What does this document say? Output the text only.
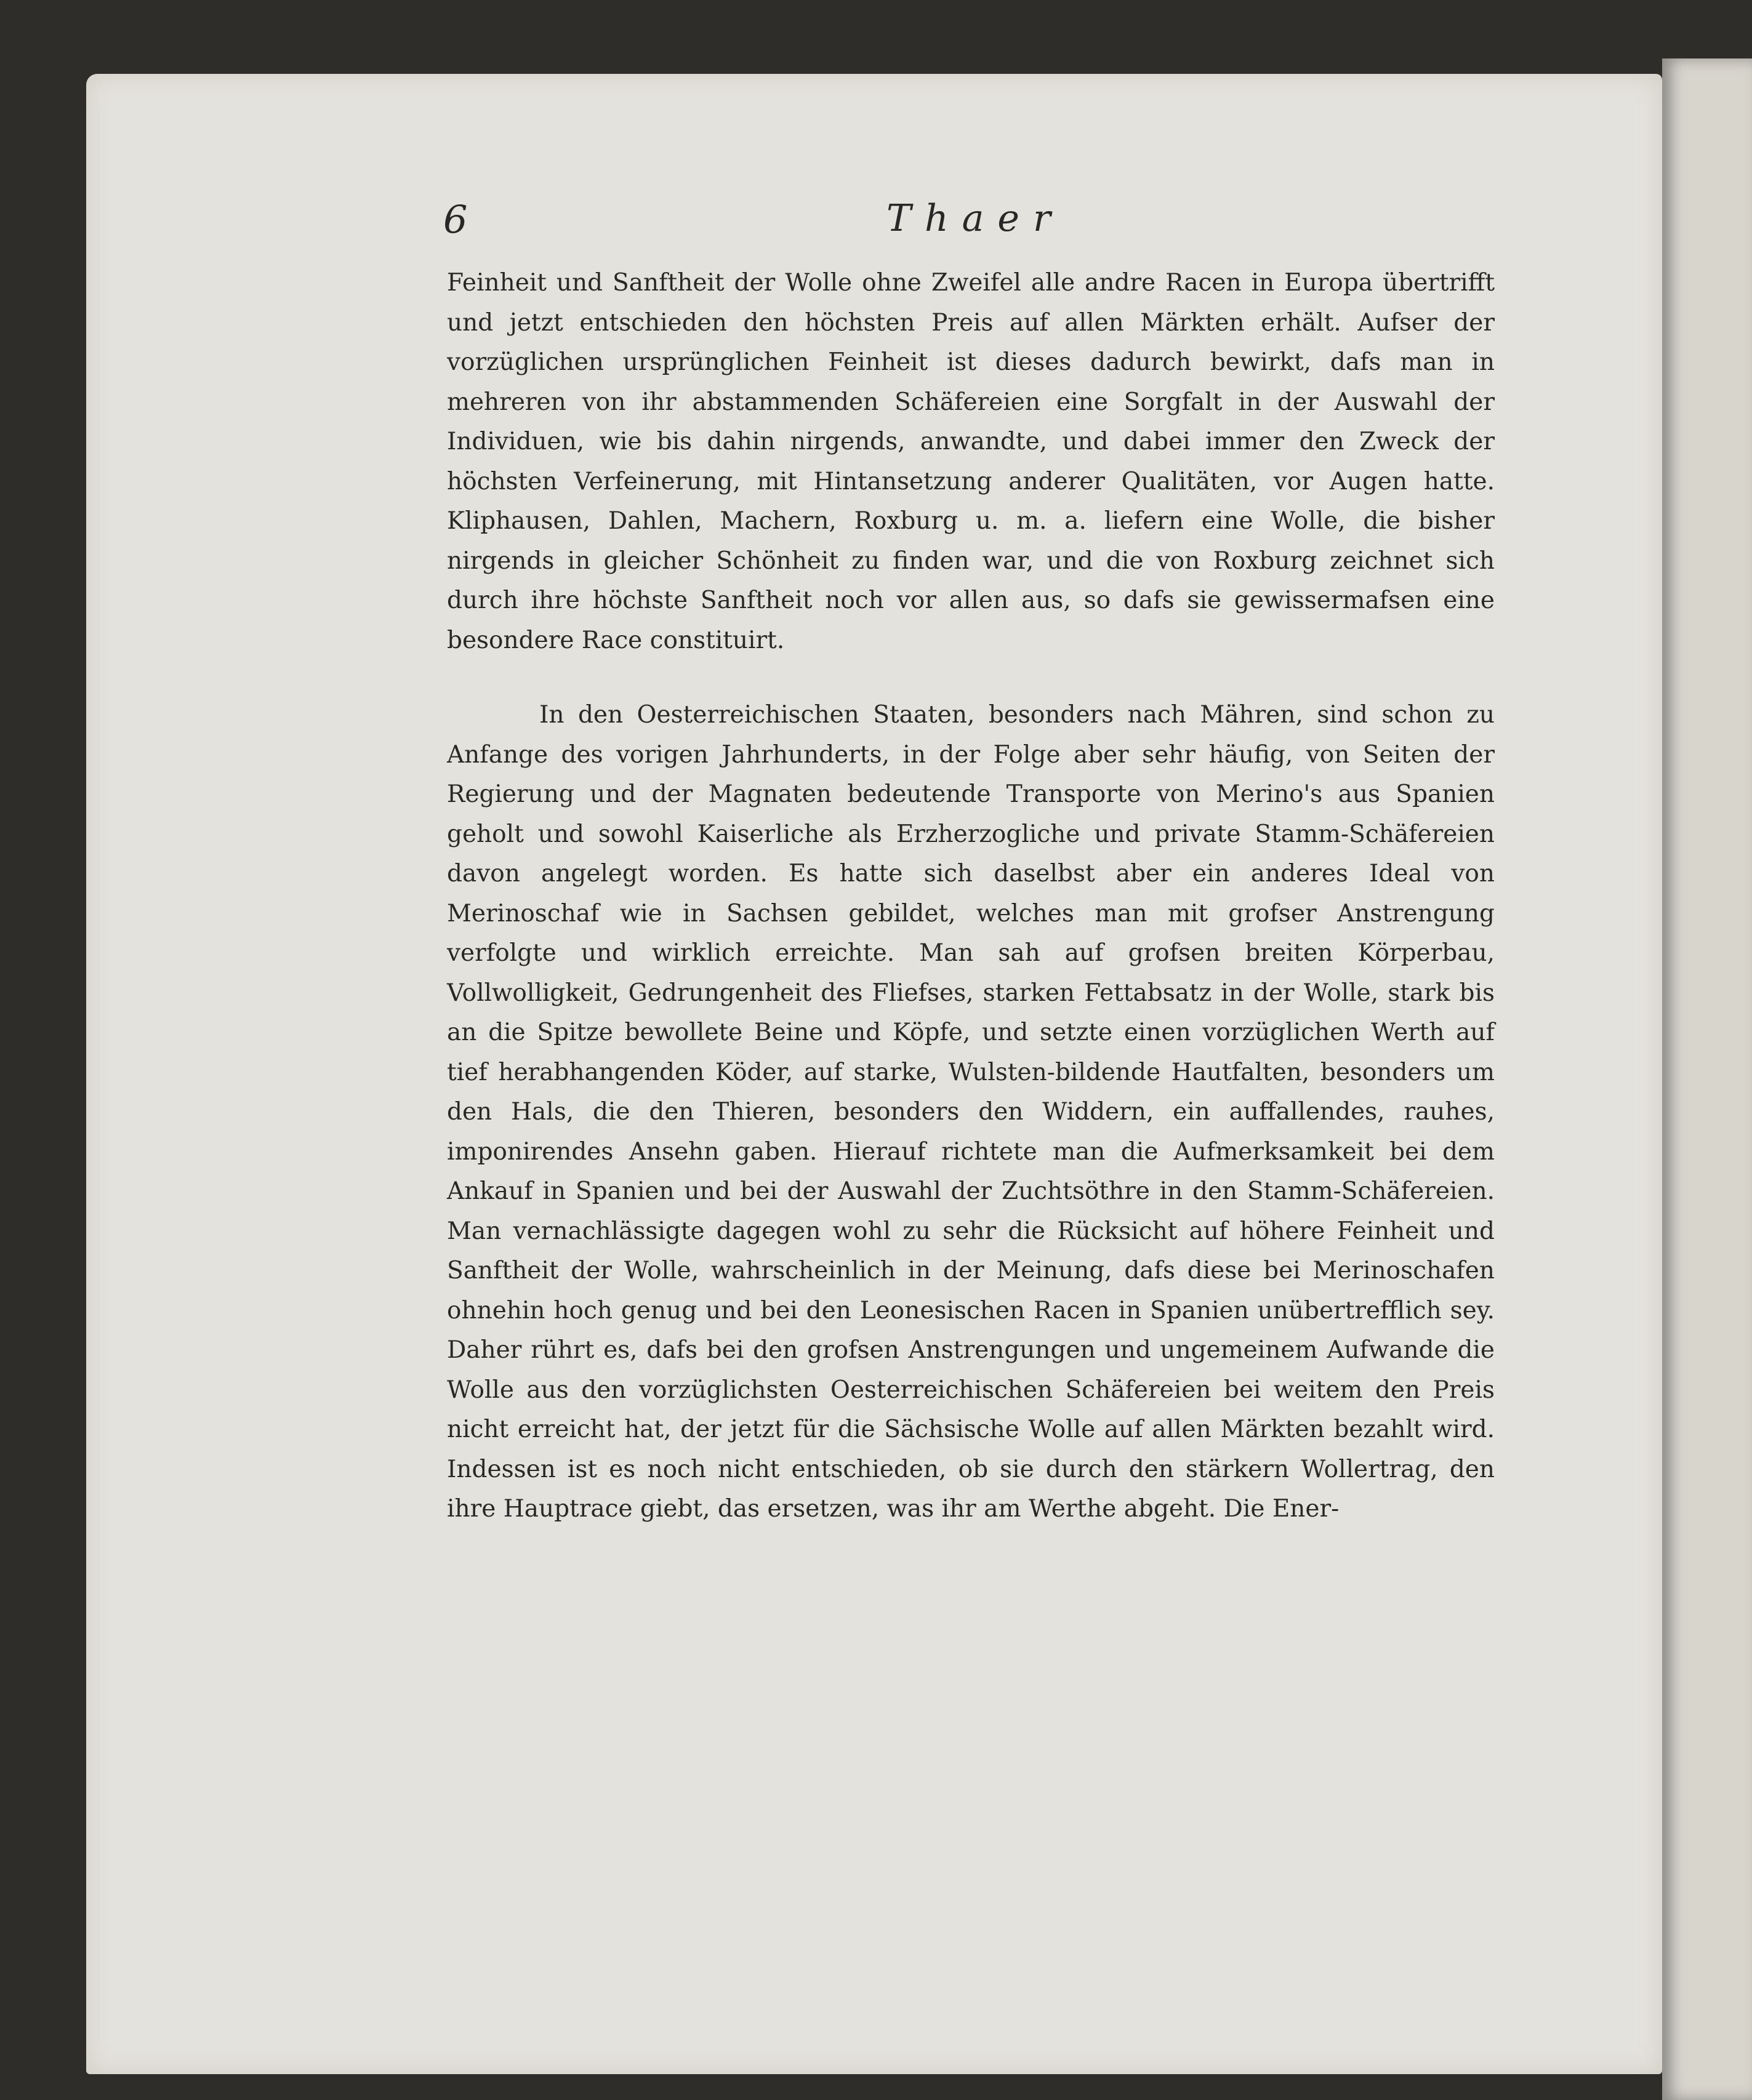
6	Thaer

Feinheit und Sanftheit der Wolle ohne Zweifel alle andre Racen in Europa übertrifft und jetzt entschieden den höchsten Preis auf allen Märkten erhält. Aufser der vorzüglichen ursprünglichen Feinheit ist dieses dadurch bewirkt, dafs man in mehreren von ihr abstammenden Schäfereien eine Sorgfalt in der Auswahl der Individuen, wie bis dahin nirgends, anwandte, und dabei immer den Zweck der höchsten Verfeinerung, mit Hintansetzung anderer Qualitäten, vor Augen hatte. Kliphausen, Dahlen, Machern, Roxburg u. m. a. liefern eine Wolle, die bisher nirgends in gleicher Schönheit zu finden war, und die von Roxburg zeichnet sich durch ihre höchste Sanftheit noch vor allen aus, so dafs sie gewissermafsen eine besondere Race constituirt.

In den Oesterreichischen Staaten, besonders nach Mähren, sind schon zu Anfange des vorigen Jahrhunderts, in der Folge aber sehr häufig, von Seiten der Regierung und der Magnaten bedeutende Transporte von Merino's aus Spanien geholt und sowohl Kaiserliche als Erzherzogliche und private Stamm-Schäfereien davon angelegt worden. Es hatte sich daselbst aber ein anderes Ideal von Merinoschaf wie in Sachsen gebildet, welches man mit grofser Anstrengung verfolgte und wirklich erreichte. Man sah auf grofsen breiten Körperbau, Vollwolligkeit, Gedrungenheit des Fliefses, starken Fettabsatz in der Wolle, stark bis an die Spitze bewollete Beine und Köpfe, und setzte einen vorzüglichen Werth auf tief herabhangenden Köder, auf starke, Wulsten-bildende Hautfalten, besonders um den Hals, die den Thieren, besonders den Widdern, ein auffallendes, rauhes, imponirendes Ansehn gaben. Hierauf richtete man die Aufmerksamkeit bei dem Ankauf in Spanien und bei der Auswahl der Zuchtsöthre in den Stamm-Schäfereien. Man vernachlässigte dagegen wohl zu sehr die Rücksicht auf höhere Feinheit und Sanftheit der Wolle, wahrscheinlich in der Meinung, dafs diese bei Merinoschafen ohnehin hoch genug und bei den Leonesischen Racen in Spanien unübertrefflich sey. Daher rührt es, dafs bei den grofsen Anstrengungen und ungemeinem Aufwande die Wolle aus den vorzüglichsten Oesterreichischen Schäfereien bei weitem den Preis nicht erreicht hat, der jetzt für die Sächsische Wolle auf allen Märkten bezahlt wird. Indessen ist es noch nicht entschieden, ob sie durch den stärkern Wollertrag, den ihre Hauptrace giebt, das ersetzen, was ihr am Werthe abgeht. Die Ener-
